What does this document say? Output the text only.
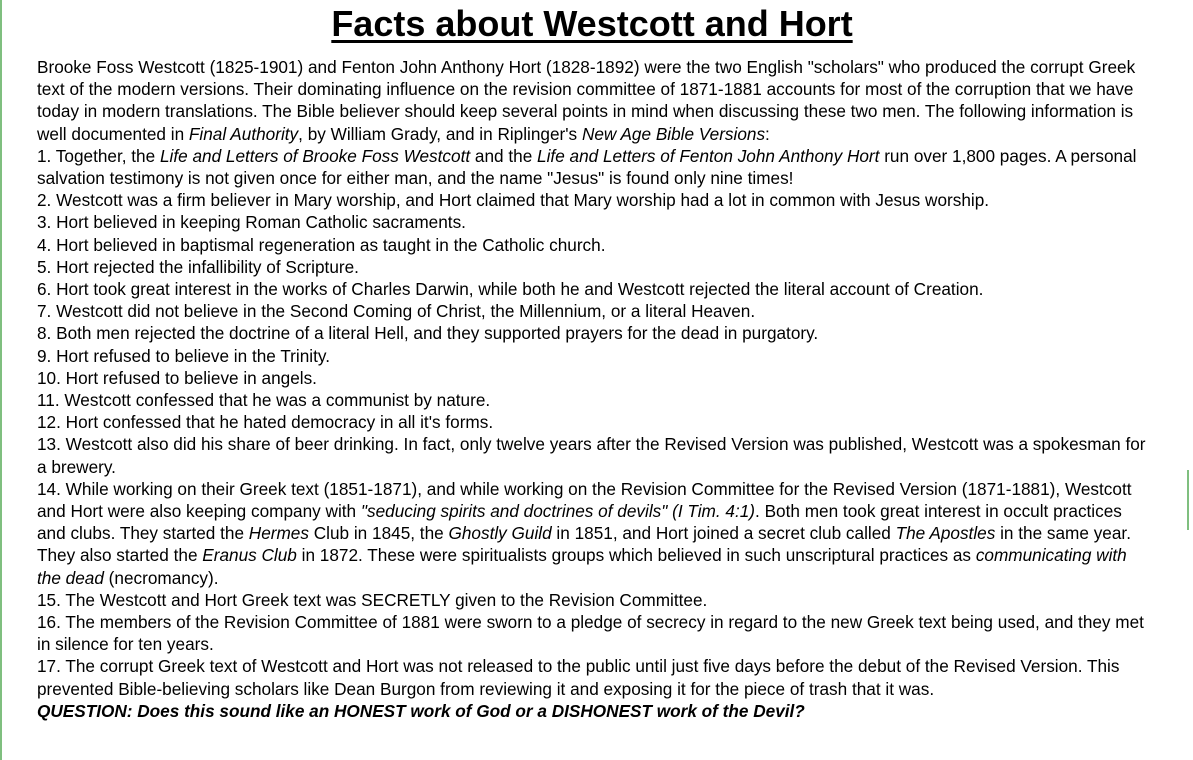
Facts about Westcott and Hort

Brooke Foss Westcott (1825-1901) and Fenton John Anthony Hort (1828-1892) were the two English "scholars" who produced the corrupt Greek text of the modern versions. Their dominating influence on the revision committee of 1871-1881 accounts for most of the corruption that we have today in modern translations. The Bible believer should keep several points in mind when discussing these two men. The following information is well documented in Final Authority, by William Grady, and in Riplinger's New Age Bible Versions:

1. Together, the Life and Letters of Brooke Foss Westcott and the Life and Letters of Fenton John Anthony Hort run over 1,800 pages. A personal salvation testimony is not given once for either man, and the name "Jesus" is found only nine times!

2. Westcott was a firm believer in Mary worship, and Hort claimed that Mary worship had a lot in common with Jesus worship.

3. Hort believed in keeping Roman Catholic sacraments.

4. Hort believed in baptismal regeneration as taught in the Catholic church.

5. Hort rejected the infallibility of Scripture.

6. Hort took great interest in the works of Charles Darwin, while both he and Westcott rejected the literal account of Creation.

7. Westcott did not believe in the Second Coming of Christ, the Millennium, or a literal Heaven.

8. Both men rejected the doctrine of a literal Hell, and they supported prayers for the dead in purgatory.

9. Hort refused to believe in the Trinity.

10. Hort refused to believe in angels.

11. Westcott confessed that he was a communist by nature.

12. Hort confessed that he hated democracy in all it's forms.

13. Westcott also did his share of beer drinking. In fact, only twelve years after the Revised Version was published, Westcott was a spokesman for a brewery.

14. While working on their Greek text (1851-1871), and while working on the Revision Committee for the Revised Version (1871-1881), Westcott and Hort were also keeping company with "seducing spirits and doctrines of devils" (I Tim. 4:1). Both men took great interest in occult practices and clubs. They started the Hermes Club in 1845, the Ghostly Guild in 1851, and Hort joined a secret club called The Apostles in the same year. They also started the Eranus Club in 1872. These were spiritualists groups which believed in such unscriptural practices as communicating with the dead (necromancy).

15. The Westcott and Hort Greek text was SECRETLY given to the Revision Committee.

16. The members of the Revision Committee of 1881 were sworn to a pledge of secrecy in regard to the new Greek text being used, and they met in silence for ten years.

17. The corrupt Greek text of Westcott and Hort was not released to the public until just five days before the debut of the Revised Version. This prevented Bible-believing scholars like Dean Burgon from reviewing it and exposing it for the piece of trash that it was.

QUESTION: Does this sound like an HONEST work of God or a DISHONEST work of the Devil?
